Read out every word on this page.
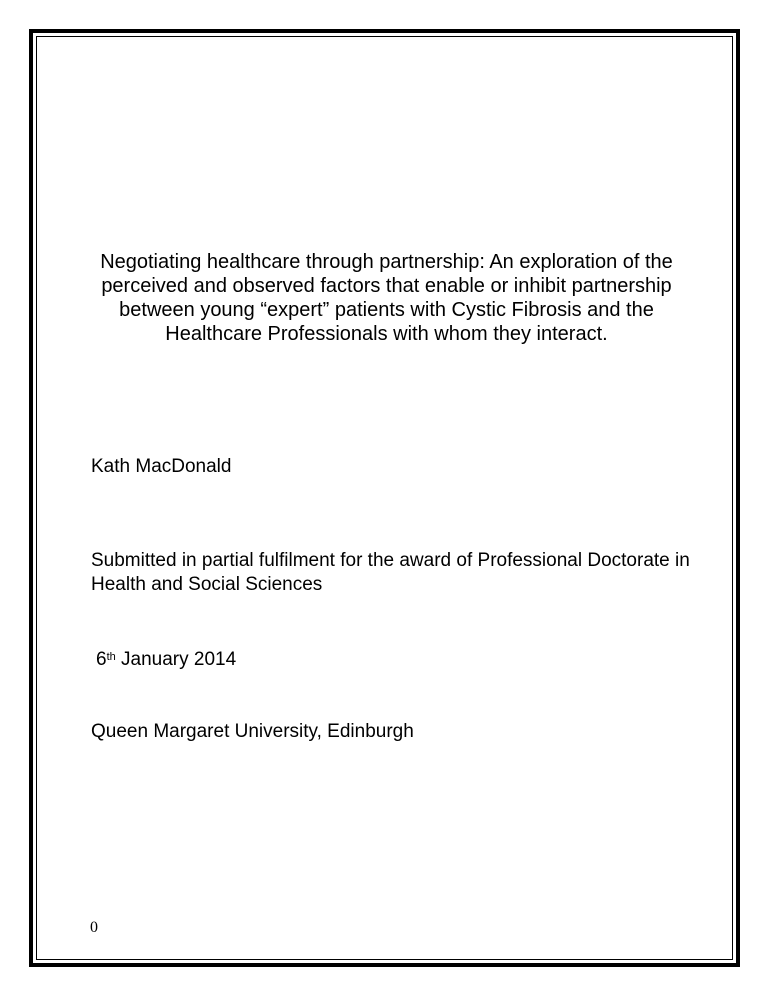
Negotiating healthcare through partnership: An exploration of the perceived and observed factors that enable or inhibit partnership between young “expert” patients with Cystic Fibrosis and the Healthcare Professionals with whom they interact.
Kath MacDonald
Submitted in partial fulfilment for the award of Professional Doctorate in Health and Social Sciences
6th January 2014
Queen Margaret University, Edinburgh
0
